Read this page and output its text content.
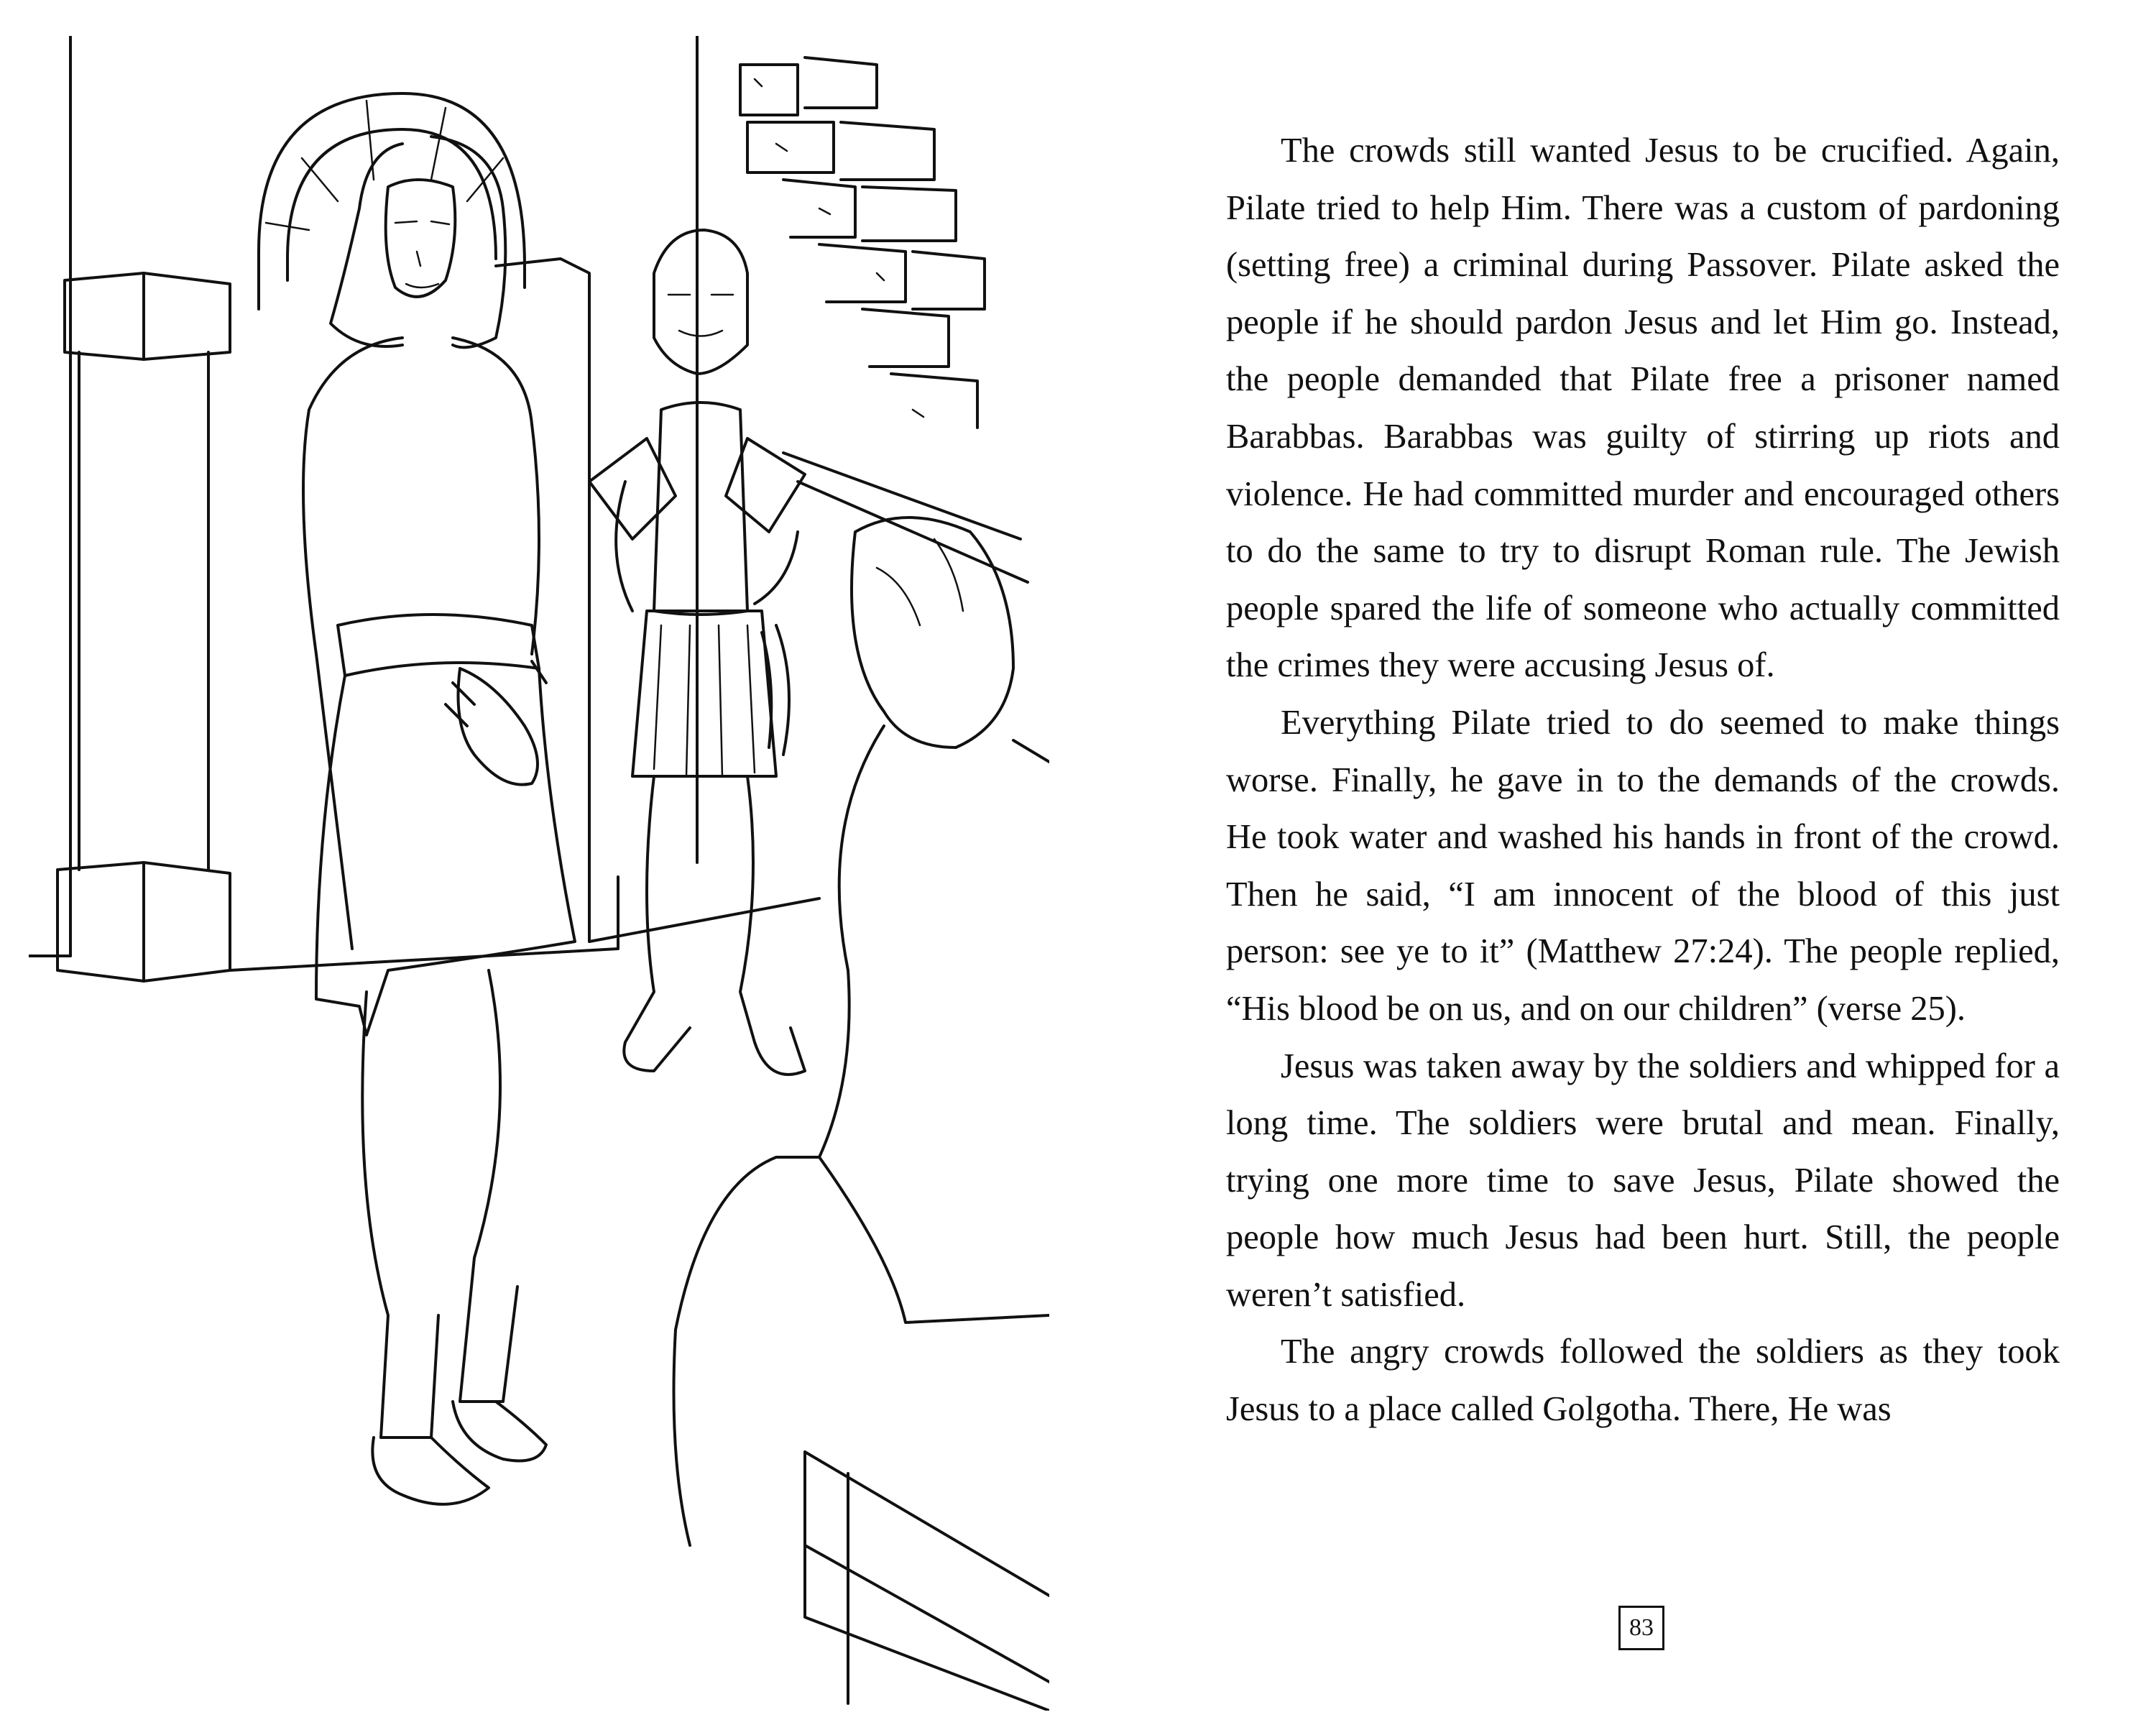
The crowds still wanted Jesus to be crucified. Again, Pilate tried to help Him. There was a custom of pardoning (setting free) a criminal during Passover. Pilate asked the people if he should pardon Jesus and let Him go. Instead, the people demanded that Pilate free a prisoner named Barabbas. Barabbas was guilty of stirring up riots and violence. He had committed murder and encouraged others to do the same to try to disrupt Roman rule. The Jewish people spared the life of someone who actually committed the crimes they were accusing Jesus of.

Everything Pilate tried to do seemed to make things worse. Finally, he gave in to the demands of the crowds. He took water and washed his hands in front of the crowd. Then he said, “I am innocent of the blood of this just person: see ye to it” (Matthew 27:24). The people replied, “His blood be on us, and on our children” (verse 25).

Jesus was taken away by the soldiers and whipped for a long time. The soldiers were brutal and mean. Finally, trying one more time to save Jesus, Pilate showed the people how much Jesus had been hurt. Still, the people weren’t satisfied.

The angry crowds followed the soldiers as they took Jesus to a place called Golgotha. There, He was

83
